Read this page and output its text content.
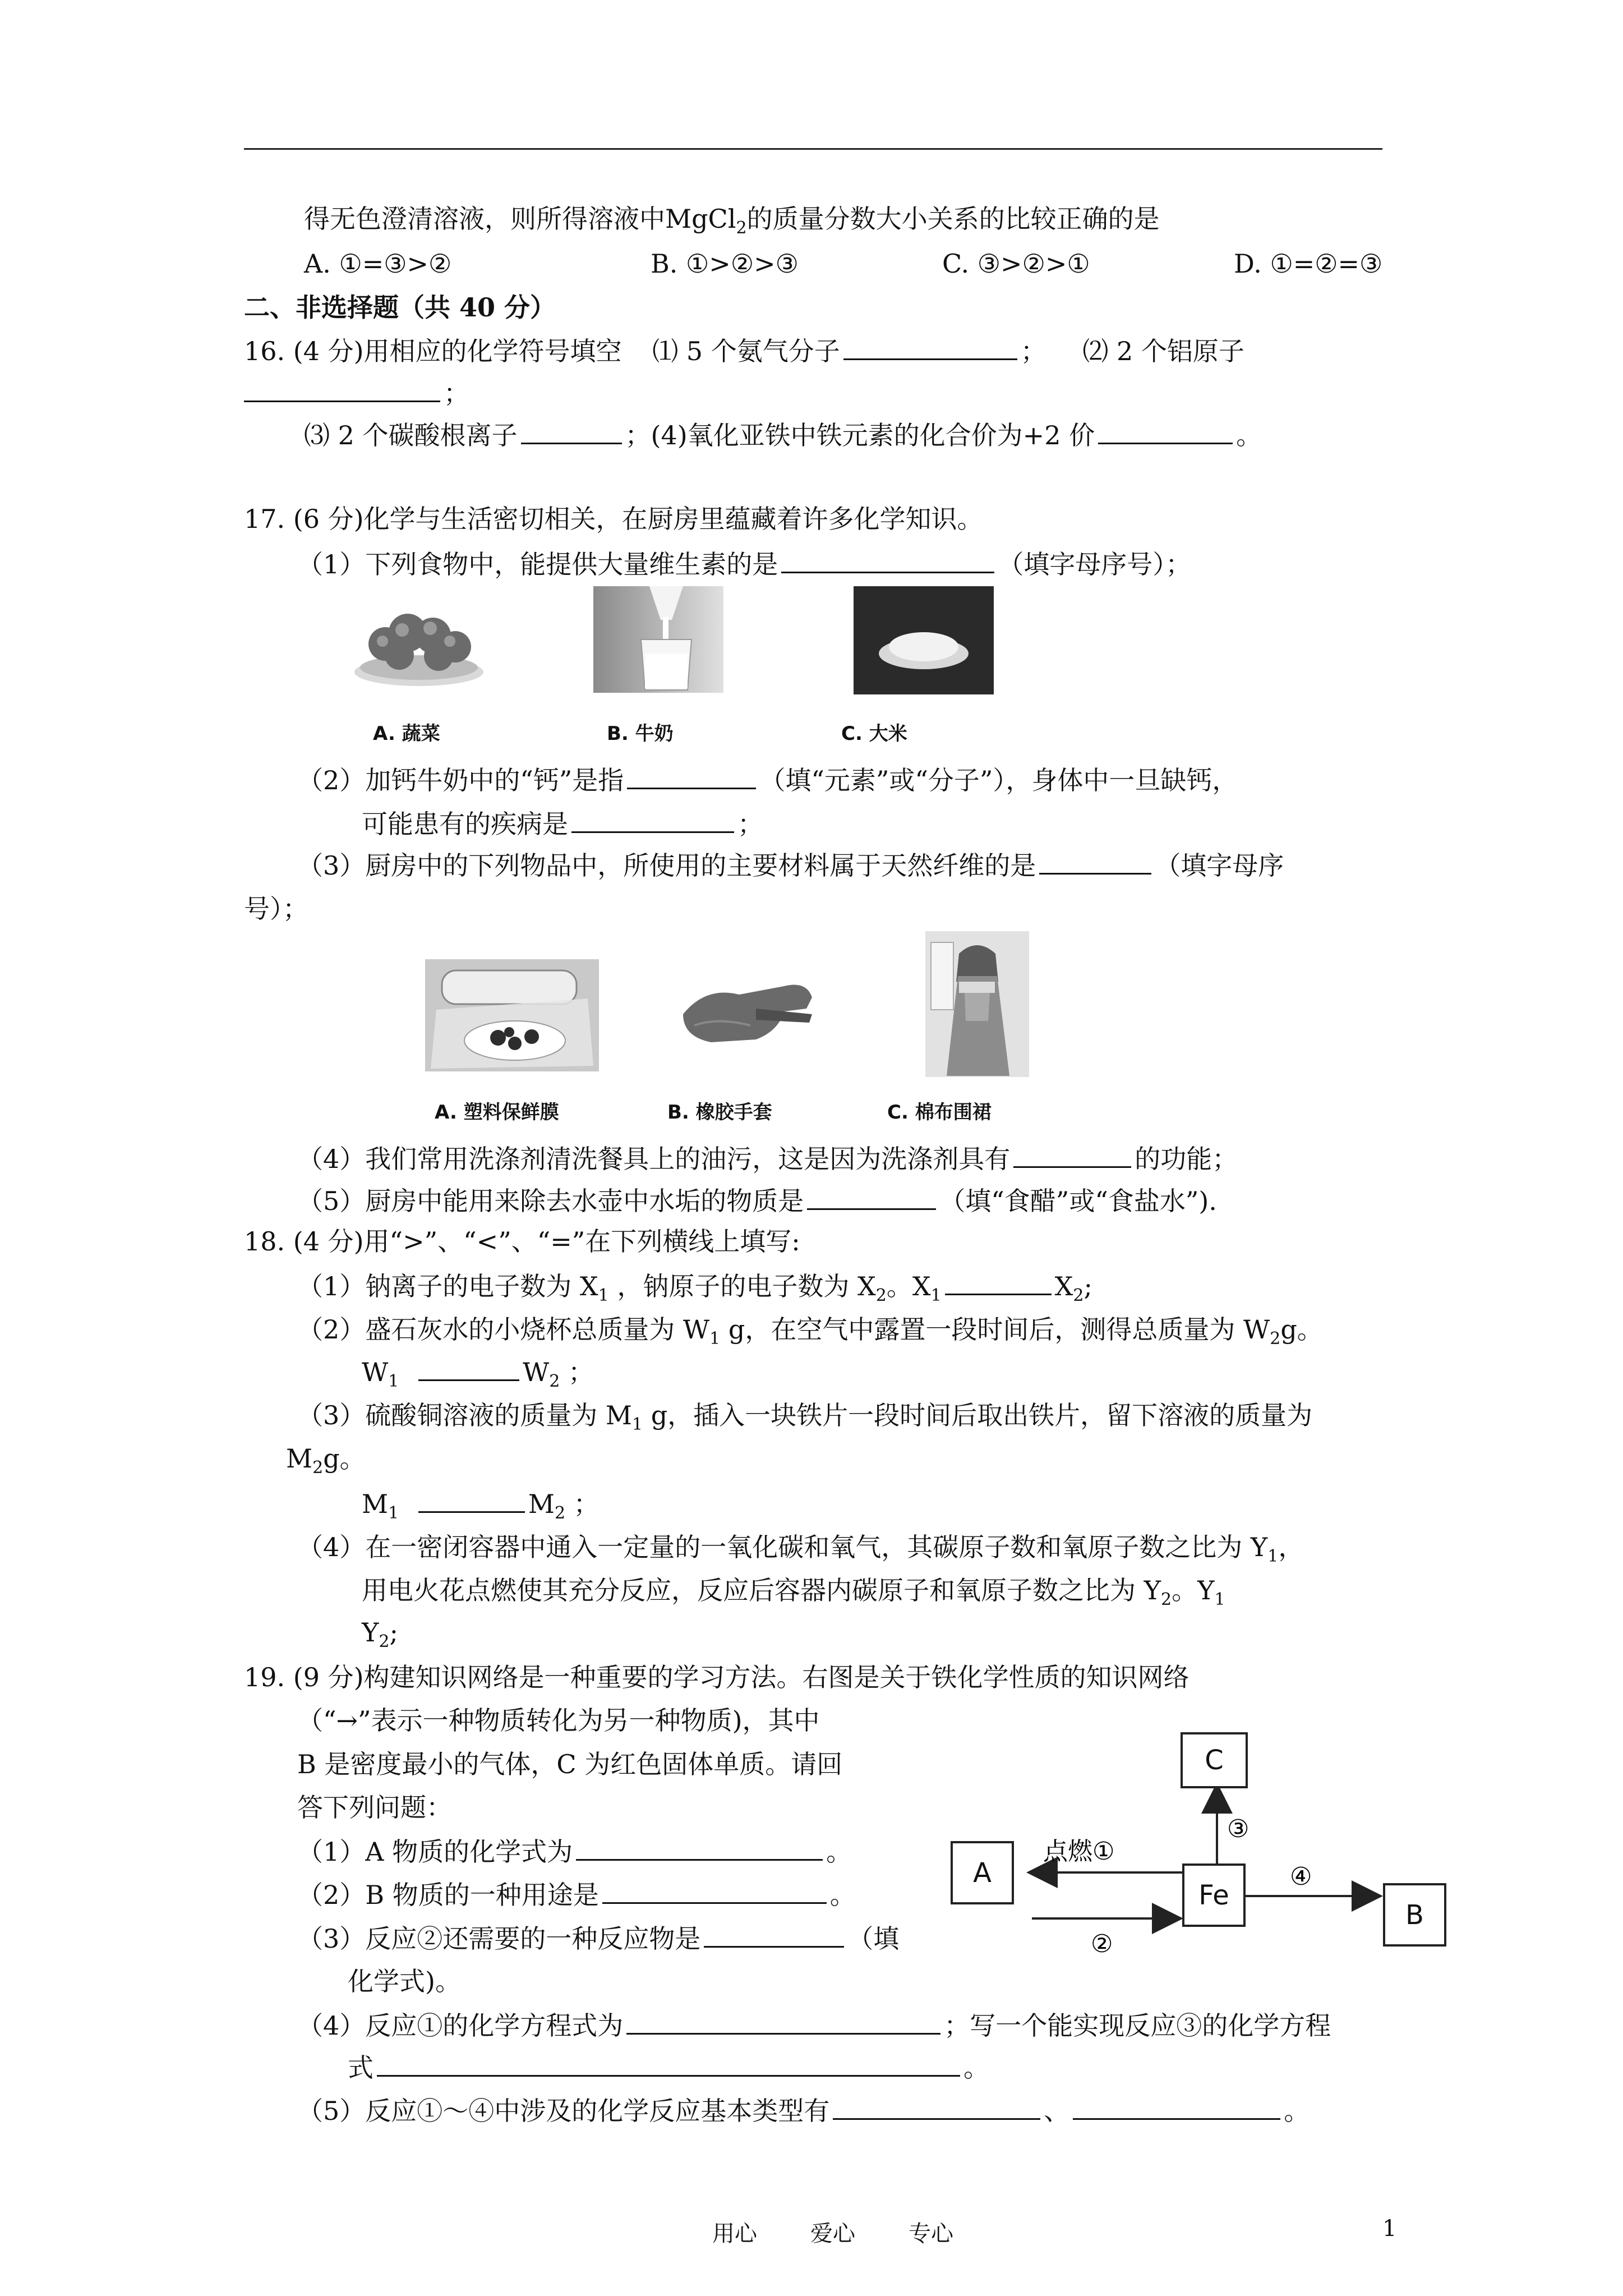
得无色澄清溶液，则所得溶液中MgCl$_2$的质量分数大小关系的比较正确的是
A. ①=③>②	B. ①>②>③	C. ③>②>①	D. ①=②=③
二、非选择题（共 40 分）
16. (4 分)用相应的化学符号填空 ⑴ 5 个氨气分子	； ⑵ 2 个铝原子
；
⑶ 2 个碳酸根离子	；(4)氧化亚铁中铁元素的化合价为+2 价	。
17. (6 分)化学与生活密切相关，在厨房里蕴藏着许多化学知识。
（1）下列食物中，能提供大量维生素的是	（填字母序号）；
A. 蔬菜	B. 牛奶	C. 大米
（2）加钙牛奶中的“钙”是指	（填“元素”或“分子”），身体中一旦缺钙，
可能患有的疾病是	；
（3）厨房中的下列物品中，所使用的主要材料属于天然纤维的是	（填字母序
号）；
A. 塑料保鲜膜	B. 橡胶手套	C. 棉布围裙
（4）我们常用洗涤剂清洗餐具上的油污，这是因为洗涤剂具有	的功能；
（5）厨房中能用来除去水壶中水垢的物质是	（填“食醋”或“食盐水”).
18. (4 分)用“>”、“<”、“=”在下列横线上填写:
（1）钠离子的电子数为 $X_1$ ，钠原子的电子数为 $X_2$。$X_1$	$X_2$;
（2）盛石灰水的小烧杯总质量为 $W_1$ g，在空气中露置一段时间后，测得总质量为 $W_2g$。
$W_1$	$W_2$ ；
（3）硫酸铜溶液的质量为 $M_1$ g，插入一块铁片一段时间后取出铁片，留下溶液的质量为
$M_2g$。
$M_1$	$M_2$ ；
（4）在一密闭容器中通入一定量的一氧化碳和氧气，其碳原子数和氧原子数之比为 $Y_1$，
用电火花点燃使其充分反应，反应后容器内碳原子和氧原子数之比为 $Y_2$。$Y_1$
$Y_2$;
19. (9 分)构建知识网络是一种重要的学习方法。右图是关于铁化学性质的知识网络
（“→”表示一种物质转化为另一种物质)，其中
B 是密度最小的气体，C 为红色固体单质。请回
答下列问题：
（1）A 物质的化学式为	。
（2）B 物质的一种用途是	。
（3）反应②还需要的一种反应物是	（填
化学式)。
（4）反应①的化学方程式为	；写一个能实现反应③的化学方程
式	。
（5）反应①～④中涉及的化学反应基本类型有	、	。
点燃①
②
③
④
A
Fe
C
B
用心 爱心 专心	1
